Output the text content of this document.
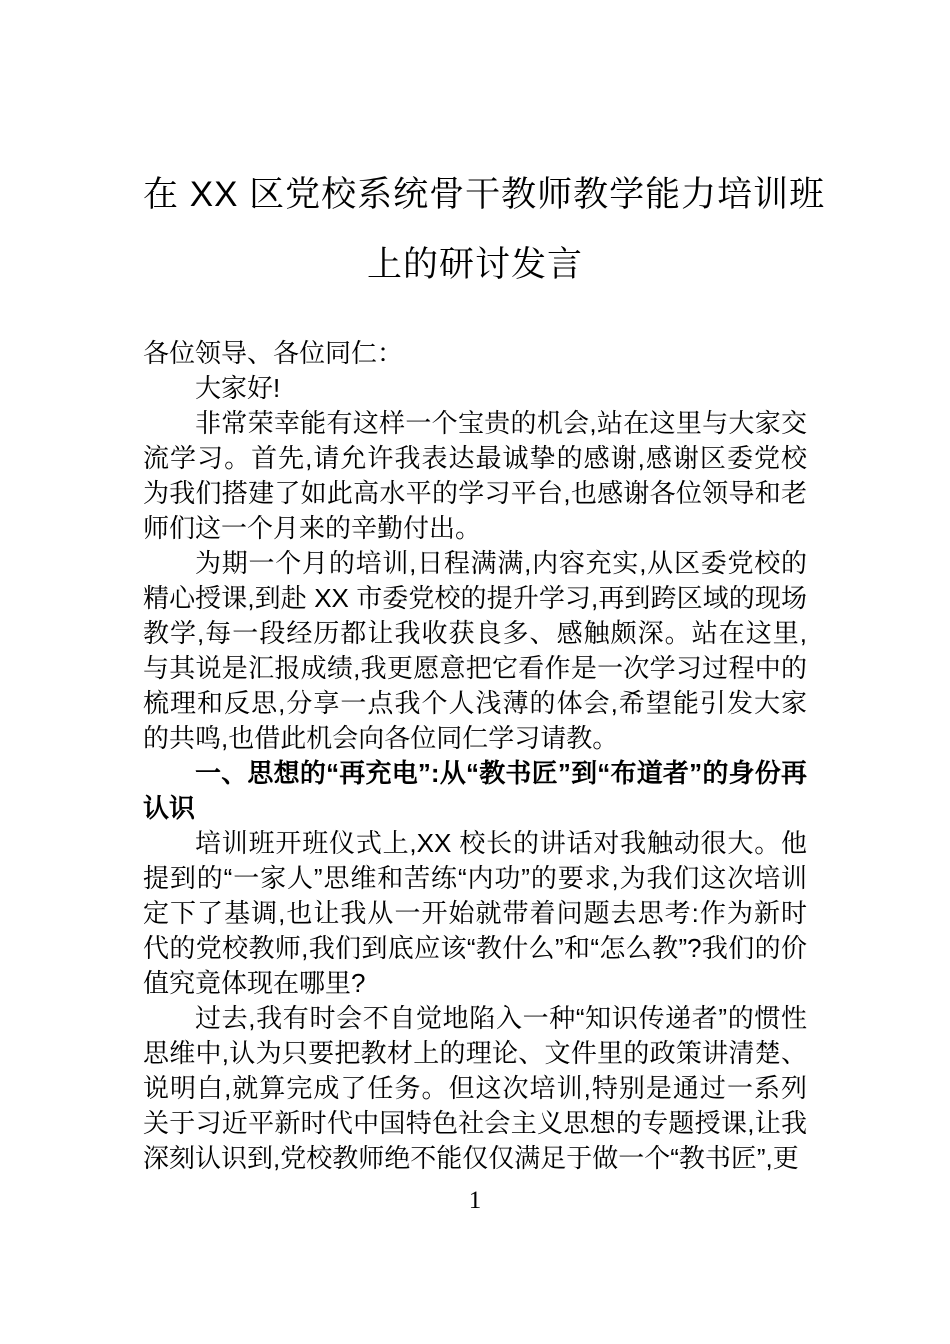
在 XX 区党校系统骨干教师教学能力培训班
上的研讨发言

各位领导、各位同仁：

大家好!

非常荣幸能有这样一个宝贵的机会,站在这里与大家交流学习。首先,请允许我表达最诚挚的感谢,感谢区委党校为我们搭建了如此高水平的学习平台,也感谢各位领导和老师们这一个月来的辛勤付出。

为期一个月的培训,日程满满,内容充实,从区委党校的精心授课,到赴 XX 市委党校的提升学习,再到跨区域的现场教学,每一段经历都让我收获良多、感触颇深。站在这里,与其说是汇报成绩,我更愿意把它看作是一次学习过程中的梳理和反思,分享一点我个人浅薄的体会,希望能引发大家的共鸣,也借此机会向各位同仁学习请教。

一、思想的“再充电”:从“教书匠”到“布道者”的身份再认识

培训班开班仪式上,XX 校长的讲话对我触动很大。他提到的“一家人”思维和苦练“内功”的要求,为我们这次培训定下了基调,也让我从一开始就带着问题去思考:作为新时代的党校教师,我们到底应该“教什么”和“怎么教”?我们的价值究竟体现在哪里?

过去,我有时会不自觉地陷入一种“知识传递者”的惯性思维中,认为只要把教材上的理论、文件里的政策讲清楚、说明白,就算完成了任务。但这次培训,特别是通过一系列关于习近平新时代中国特色社会主义思想的专题授课,让我深刻认识到,党校教师绝不能仅仅满足于做一个“教书匠”,更

1
